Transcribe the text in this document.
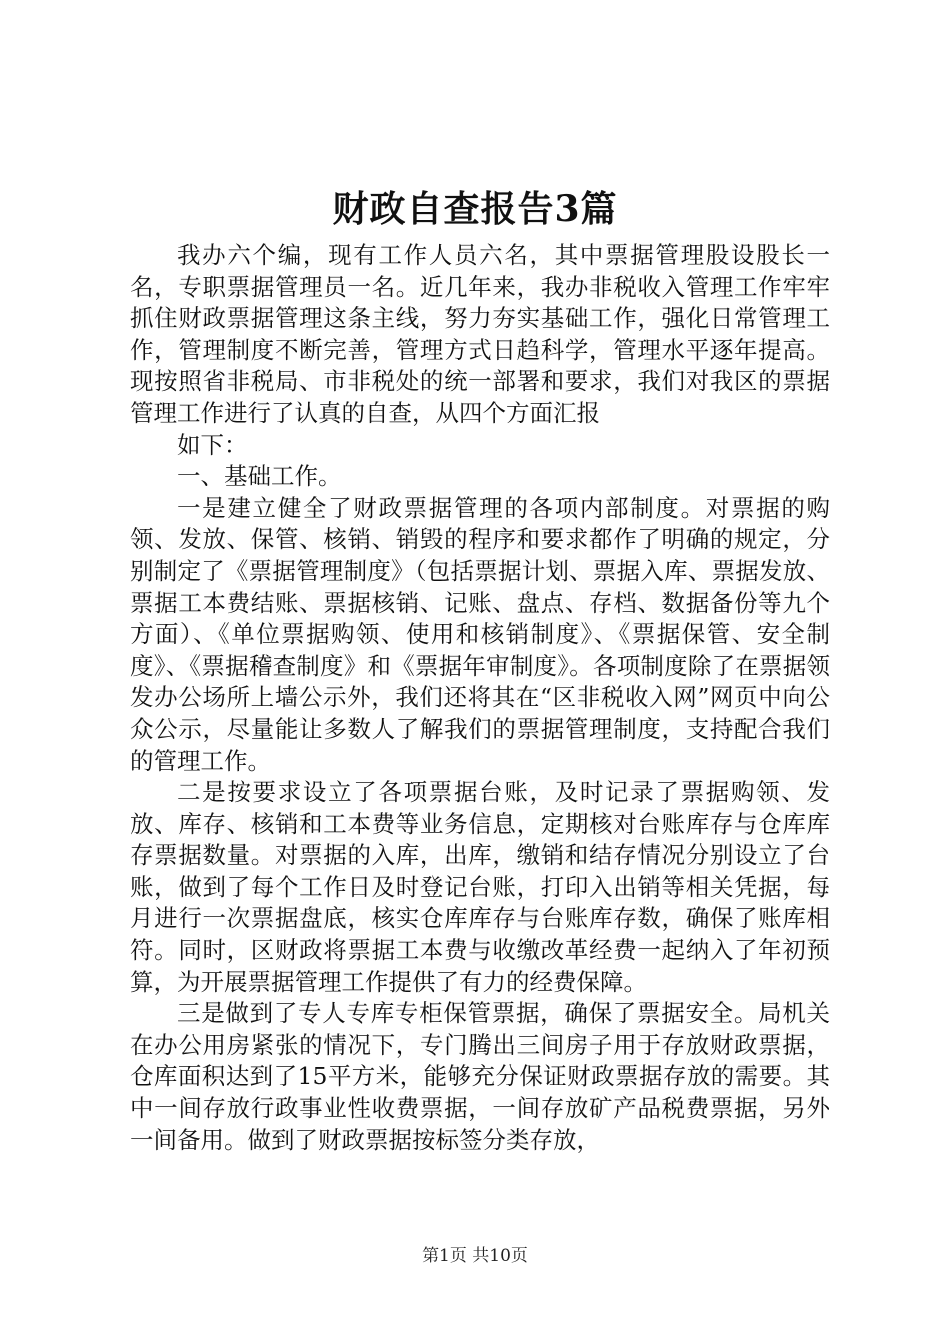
财政自查报告3篇

我办六个编，现有工作人员六名，其中票据管理股设股长一名，专职票据管理员一名。近几年来，我办非税收入管理工作牢牢抓住财政票据管理这条主线，努力夯实基础工作，强化日常管理工作，管理制度不断完善，管理方式日趋科学，管理水平逐年提高。现按照省非税局、市非税处的统一部署和要求，我们对我区的票据管理工作进行了认真的自查，从四个方面汇报

如下：

一、基础工作。

一是建立健全了财政票据管理的各项内部制度。对票据的购领、发放、保管、核销、销毁的程序和要求都作了明确的规定，分别制定了《票据管理制度》（包括票据计划、票据入库、票据发放、票据工本费结账、票据核销、记账、盘点、存档、数据备份等九个方面）、《单位票据购领、使用和核销制度》、《票据保管、安全制度》、《票据稽查制度》和《票据年审制度》。各项制度除了在票据领发办公场所上墙公示外，我们还将其在“区非税收入网”网页中向公众公示，尽量能让多数人了解我们的票据管理制度，支持配合我们的管理工作。

二是按要求设立了各项票据台账，及时记录了票据购领、发放、库存、核销和工本费等业务信息，定期核对台账库存与仓库库存票据数量。对票据的入库，出库，缴销和结存情况分别设立了台账，做到了每个工作日及时登记台账，打印入出销等相关凭据，每月进行一次票据盘底，核实仓库库存与台账库存数，确保了账库相符。同时，区财政将票据工本费与收缴改革经费一起纳入了年初预算，为开展票据管理工作提供了有力的经费保障。

三是做到了专人专库专柜保管票据，确保了票据安全。局机关在办公用房紧张的情况下，专门腾出三间房子用于存放财政票据，仓库面积达到了15平方米，能够充分保证财政票据存放的需要。其中一间存放行政事业性收费票据，一间存放矿产品税费票据，另外一间备用。做到了财政票据按标签分类存放，

第1页 共10页
